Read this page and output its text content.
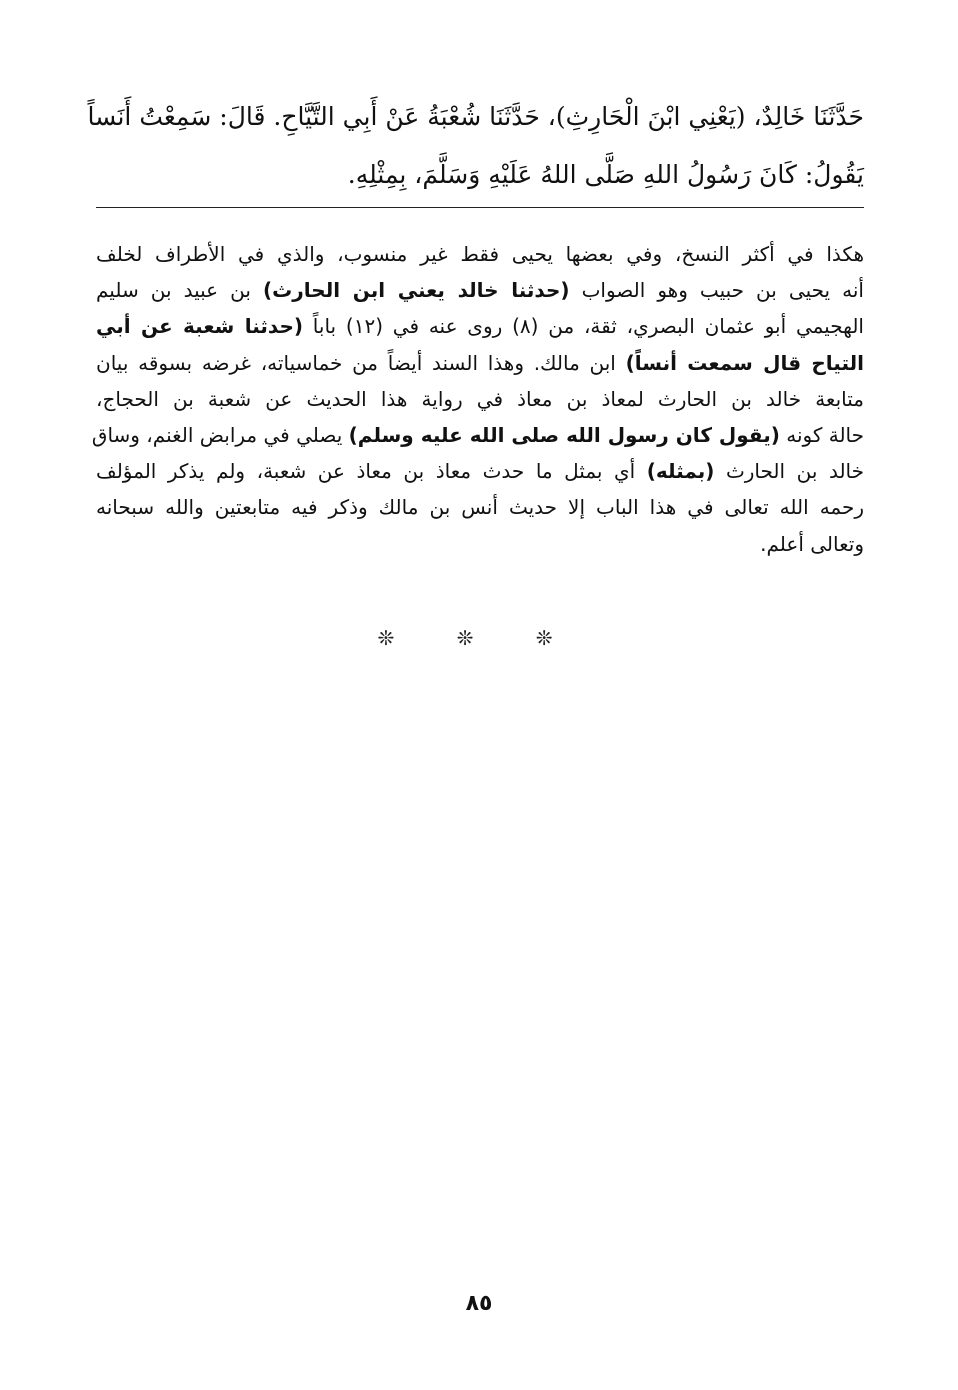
حَدَّثَنَا خَالِدٌ، (يَعْنِي ابْنَ الْحَارِثِ)، حَدَّثَنَا شُعْبَةُ عَنْ أَبِي التَّيَّاحِ. قَالَ: سَمِعْتُ أَنَساً
يَقُولُ: كَانَ رَسُولُ اللهِ صَلَّى اللهُ عَلَيْهِ وَسَلَّمَ، بِمِثْلِهِ.
هكذا في أكثر النسخ، وفي بعضها يحيى فقط غير منسوب، والذي في الأطراف لخلف
أنه يحيى بن حبيب وهو الصواب (حدثنا خالد يعني ابن الحارث) بن عبيد بن سليم
الهجيمي أبو عثمان البصري، ثقة، من (٨) روى عنه في (١٢) باباً (حدثنا شعبة عن أبي
التياح قال سمعت أنساً) ابن مالك. وهذا السند أيضاً من خماسياته، غرضه بسوقه بيان
متابعة خالد بن الحارث لمعاذ بن معاذ في رواية هذا الحديث عن شعبة بن الحجاج،
حالة كونه (يقول كان رسول الله صلى الله عليه وسلم) يصلي في مرابض الغنم، وساق
خالد بن الحارث (بمثله) أي بمثل ما حدث معاذ بن معاذ عن شعبة، ولم يذكر المؤلف
رحمه الله تعالى في هذا الباب إلا حديث أنس بن مالك وذكر فيه متابعتين والله سبحانه
وتعالى أعلم.
❊ ❊ ❊
٨٥
